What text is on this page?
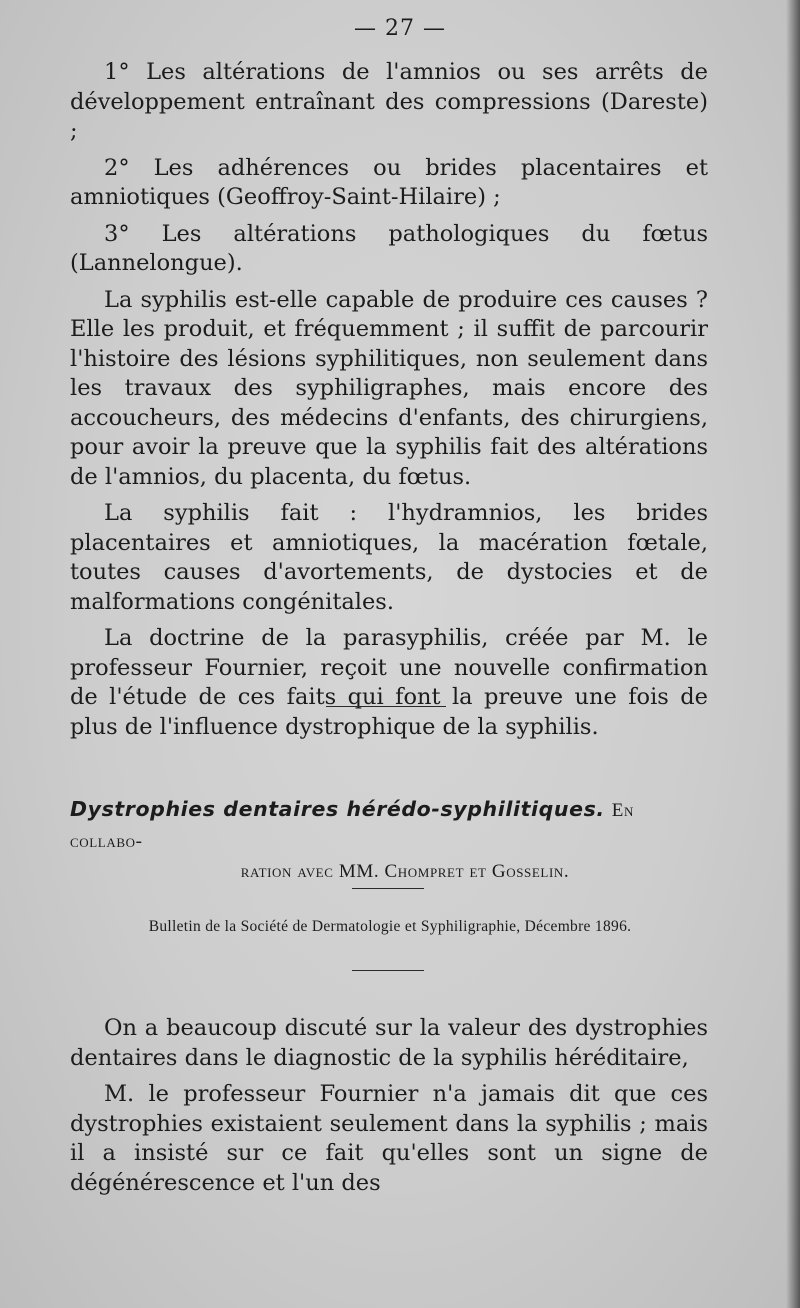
— 27 —

1° Les altérations de l'amnios ou ses arrêts de développement entraînant des compressions (Dareste) ;

2° Les adhérences ou brides placentaires et amniotiques (Geoffroy-Saint-Hilaire) ;

3° Les altérations pathologiques du fœtus (Lannelongue).

La syphilis est-elle capable de produire ces causes ? Elle les produit, et fréquemment ; il suffit de parcourir l'histoire des lésions syphilitiques, non seulement dans les travaux des syphiligraphes, mais encore des accoucheurs, des médecins d'enfants, des chirurgiens, pour avoir la preuve que la syphilis fait des altérations de l'amnios, du placenta, du fœtus.

La syphilis fait : l'hydramnios, les brides placentaires et amniotiques, la macération fœtale, toutes causes d'avortements, de dystocies et de malformations congénitales.

La doctrine de la parasyphilis, créée par M. le professeur Fournier, reçoit une nouvelle confirmation de l'étude de ces faits qui font la preuve une fois de plus de l'influence dystrophique de la syphilis.

Dystrophies dentaires hérédo-syphilitiques. En collabo-
ration avec MM. Chompret et Gosselin.
Bulletin de la Société de Dermatologie et Syphiligraphie, Décembre 1896.

On a beaucoup discuté sur la valeur des dystrophies dentaires dans le diagnostic de la syphilis héréditaire,

M. le professeur Fournier n'a jamais dit que ces dystrophies existaient seulement dans la syphilis ; mais il a insisté sur ce fait qu'elles sont un signe de dégénérescence et l'un des
